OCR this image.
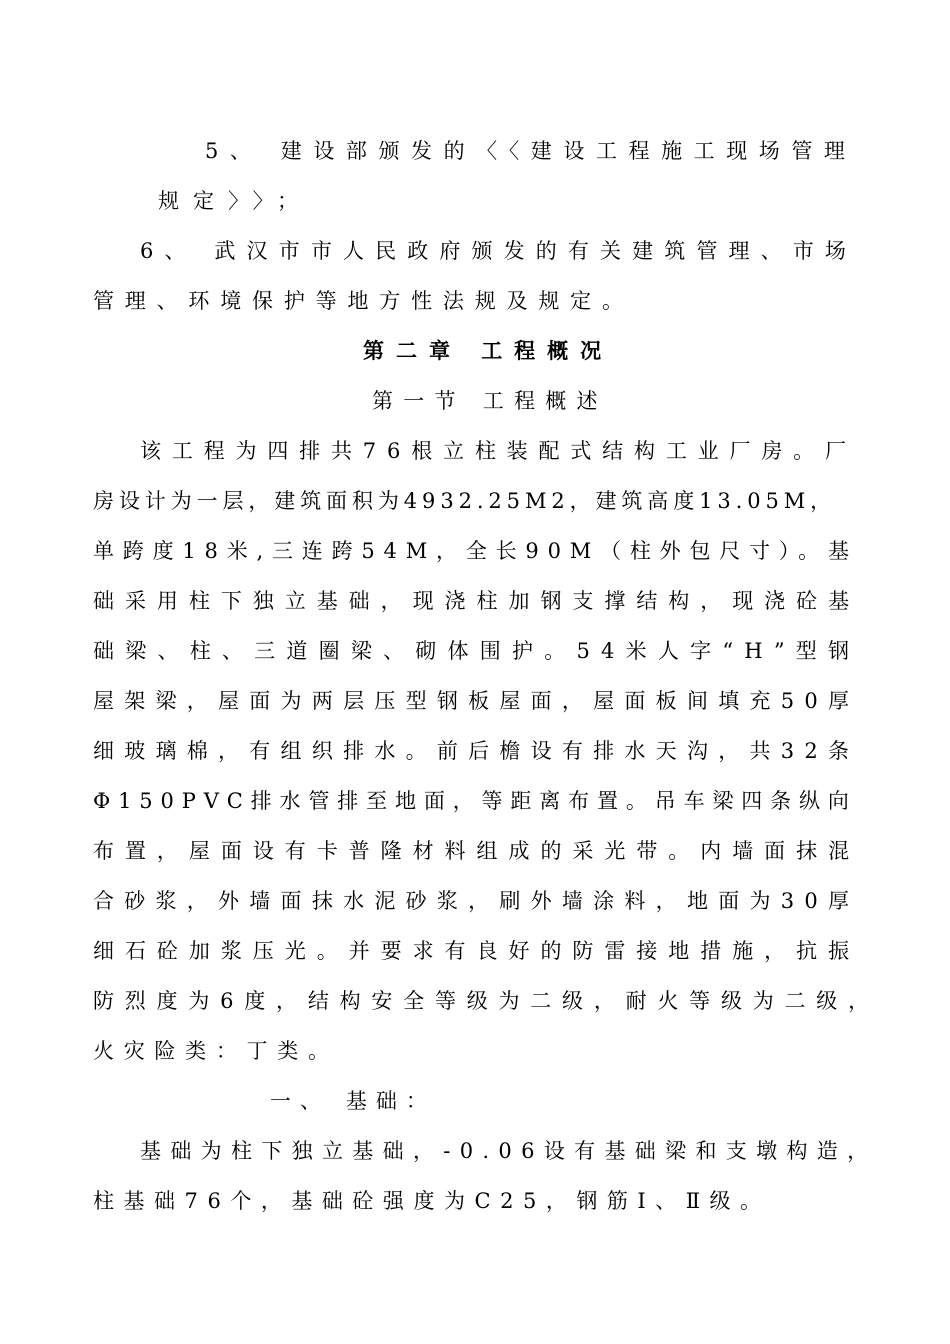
5、 建设部颁发的〈〈建设工程施工现场管理
规定〉〉；
6、 武汉市市人民政府颁发的有关建筑管理、市场
管理、环境保护等地方性法规及规定。
第二章 工程概况
第一节 工程概述
该工程为四排共76根立柱装配式结构工业厂房。厂
房设计为一层，建筑面积为4932.25M2，建筑高度13.05M，
单跨度18米,三连跨54M，全长90M（柱外包尺寸）。基
础采用柱下独立基础，现浇柱加钢支撑结构，现浇砼基
础梁、柱、三道圈梁、砌体围护。54米人字“H”型钢
屋架梁，屋面为两层压型钢板屋面，屋面板间填充50厚
细玻璃棉，有组织排水。前后檐设有排水天沟，共32条
Φ150PVC排水管排至地面，等距离布置。吊车梁四条纵向
布置，屋面设有卡普隆材料组成的采光带。内墙面抹混
合砂浆，外墙面抹水泥砂浆，刷外墙涂料，地面为30厚
细石砼加浆压光。并要求有良好的防雷接地措施，抗振
防烈度为6度，结构安全等级为二级，耐火等级为二级，
火灾险类：丁类。
一、 基础：
基础为柱下独立基础，-0.06设有基础梁和支墩构造，
柱基础76个，基础砼强度为C25，钢筋Ⅰ、Ⅱ级。
